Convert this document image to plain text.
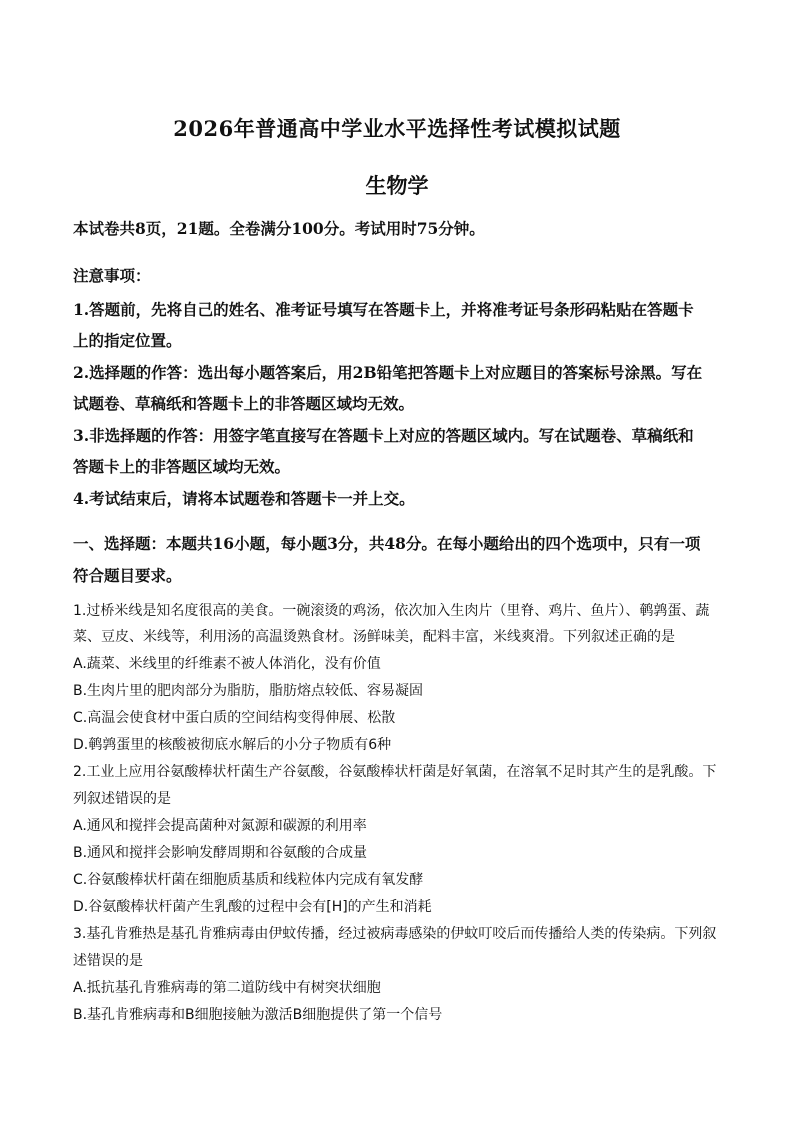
2026年普通高中学业水平选择性考试模拟试题
生物学
本试卷共8页，21题。全卷满分100分。考试用时75分钟。
注意事项：
1.答题前，先将自己的姓名、准考证号填写在答题卡上，并将准考证号条形码粘贴在答题卡
上的指定位置。
2.选择题的作答：选出每小题答案后，用2B铅笔把答题卡上对应题目的答案标号涂黑。写在
试题卷、草稿纸和答题卡上的非答题区域均无效。
3.非选择题的作答：用签字笔直接写在答题卡上对应的答题区域内。写在试题卷、草稿纸和
答题卡上的非答题区域均无效。
4.考试结束后，请将本试题卷和答题卡一并上交。
一、选择题：本题共16小题，每小题3分，共48分。在每小题给出的四个选项中，只有一项
符合题目要求。
1.过桥米线是知名度很高的美食。一碗滚烫的鸡汤，依次加入生肉片（里脊、鸡片、鱼片）、鹌鹑蛋、蔬
菜、豆皮、米线等，利用汤的高温烫熟食材。汤鲜味美，配料丰富，米线爽滑。下列叙述正确的是
A.蔬菜、米线里的纤维素不被人体消化，没有价值
B.生肉片里的肥肉部分为脂肪，脂肪熔点较低、容易凝固
C.高温会使食材中蛋白质的空间结构变得伸展、松散
D.鹌鹑蛋里的核酸被彻底水解后的小分子物质有6种
2.工业上应用谷氨酸棒状杆菌生产谷氨酸，谷氨酸棒状杆菌是好氧菌，在溶氧不足时其产生的是乳酸。下
列叙述错误的是
A.通风和搅拌会提高菌种对氮源和碳源的利用率
B.通风和搅拌会影响发酵周期和谷氨酸的合成量
C.谷氨酸棒状杆菌在细胞质基质和线粒体内完成有氧发酵
D.谷氨酸棒状杆菌产生乳酸的过程中会有[H]的产生和消耗
3.基孔肯雅热是基孔肯雅病毒由伊蚊传播，经过被病毒感染的伊蚊叮咬后而传播给人类的传染病。下列叙
述错误的是
A.抵抗基孔肯雅病毒的第二道防线中有树突状细胞
B.基孔肯雅病毒和B细胞接触为激活B细胞提供了第一个信号
